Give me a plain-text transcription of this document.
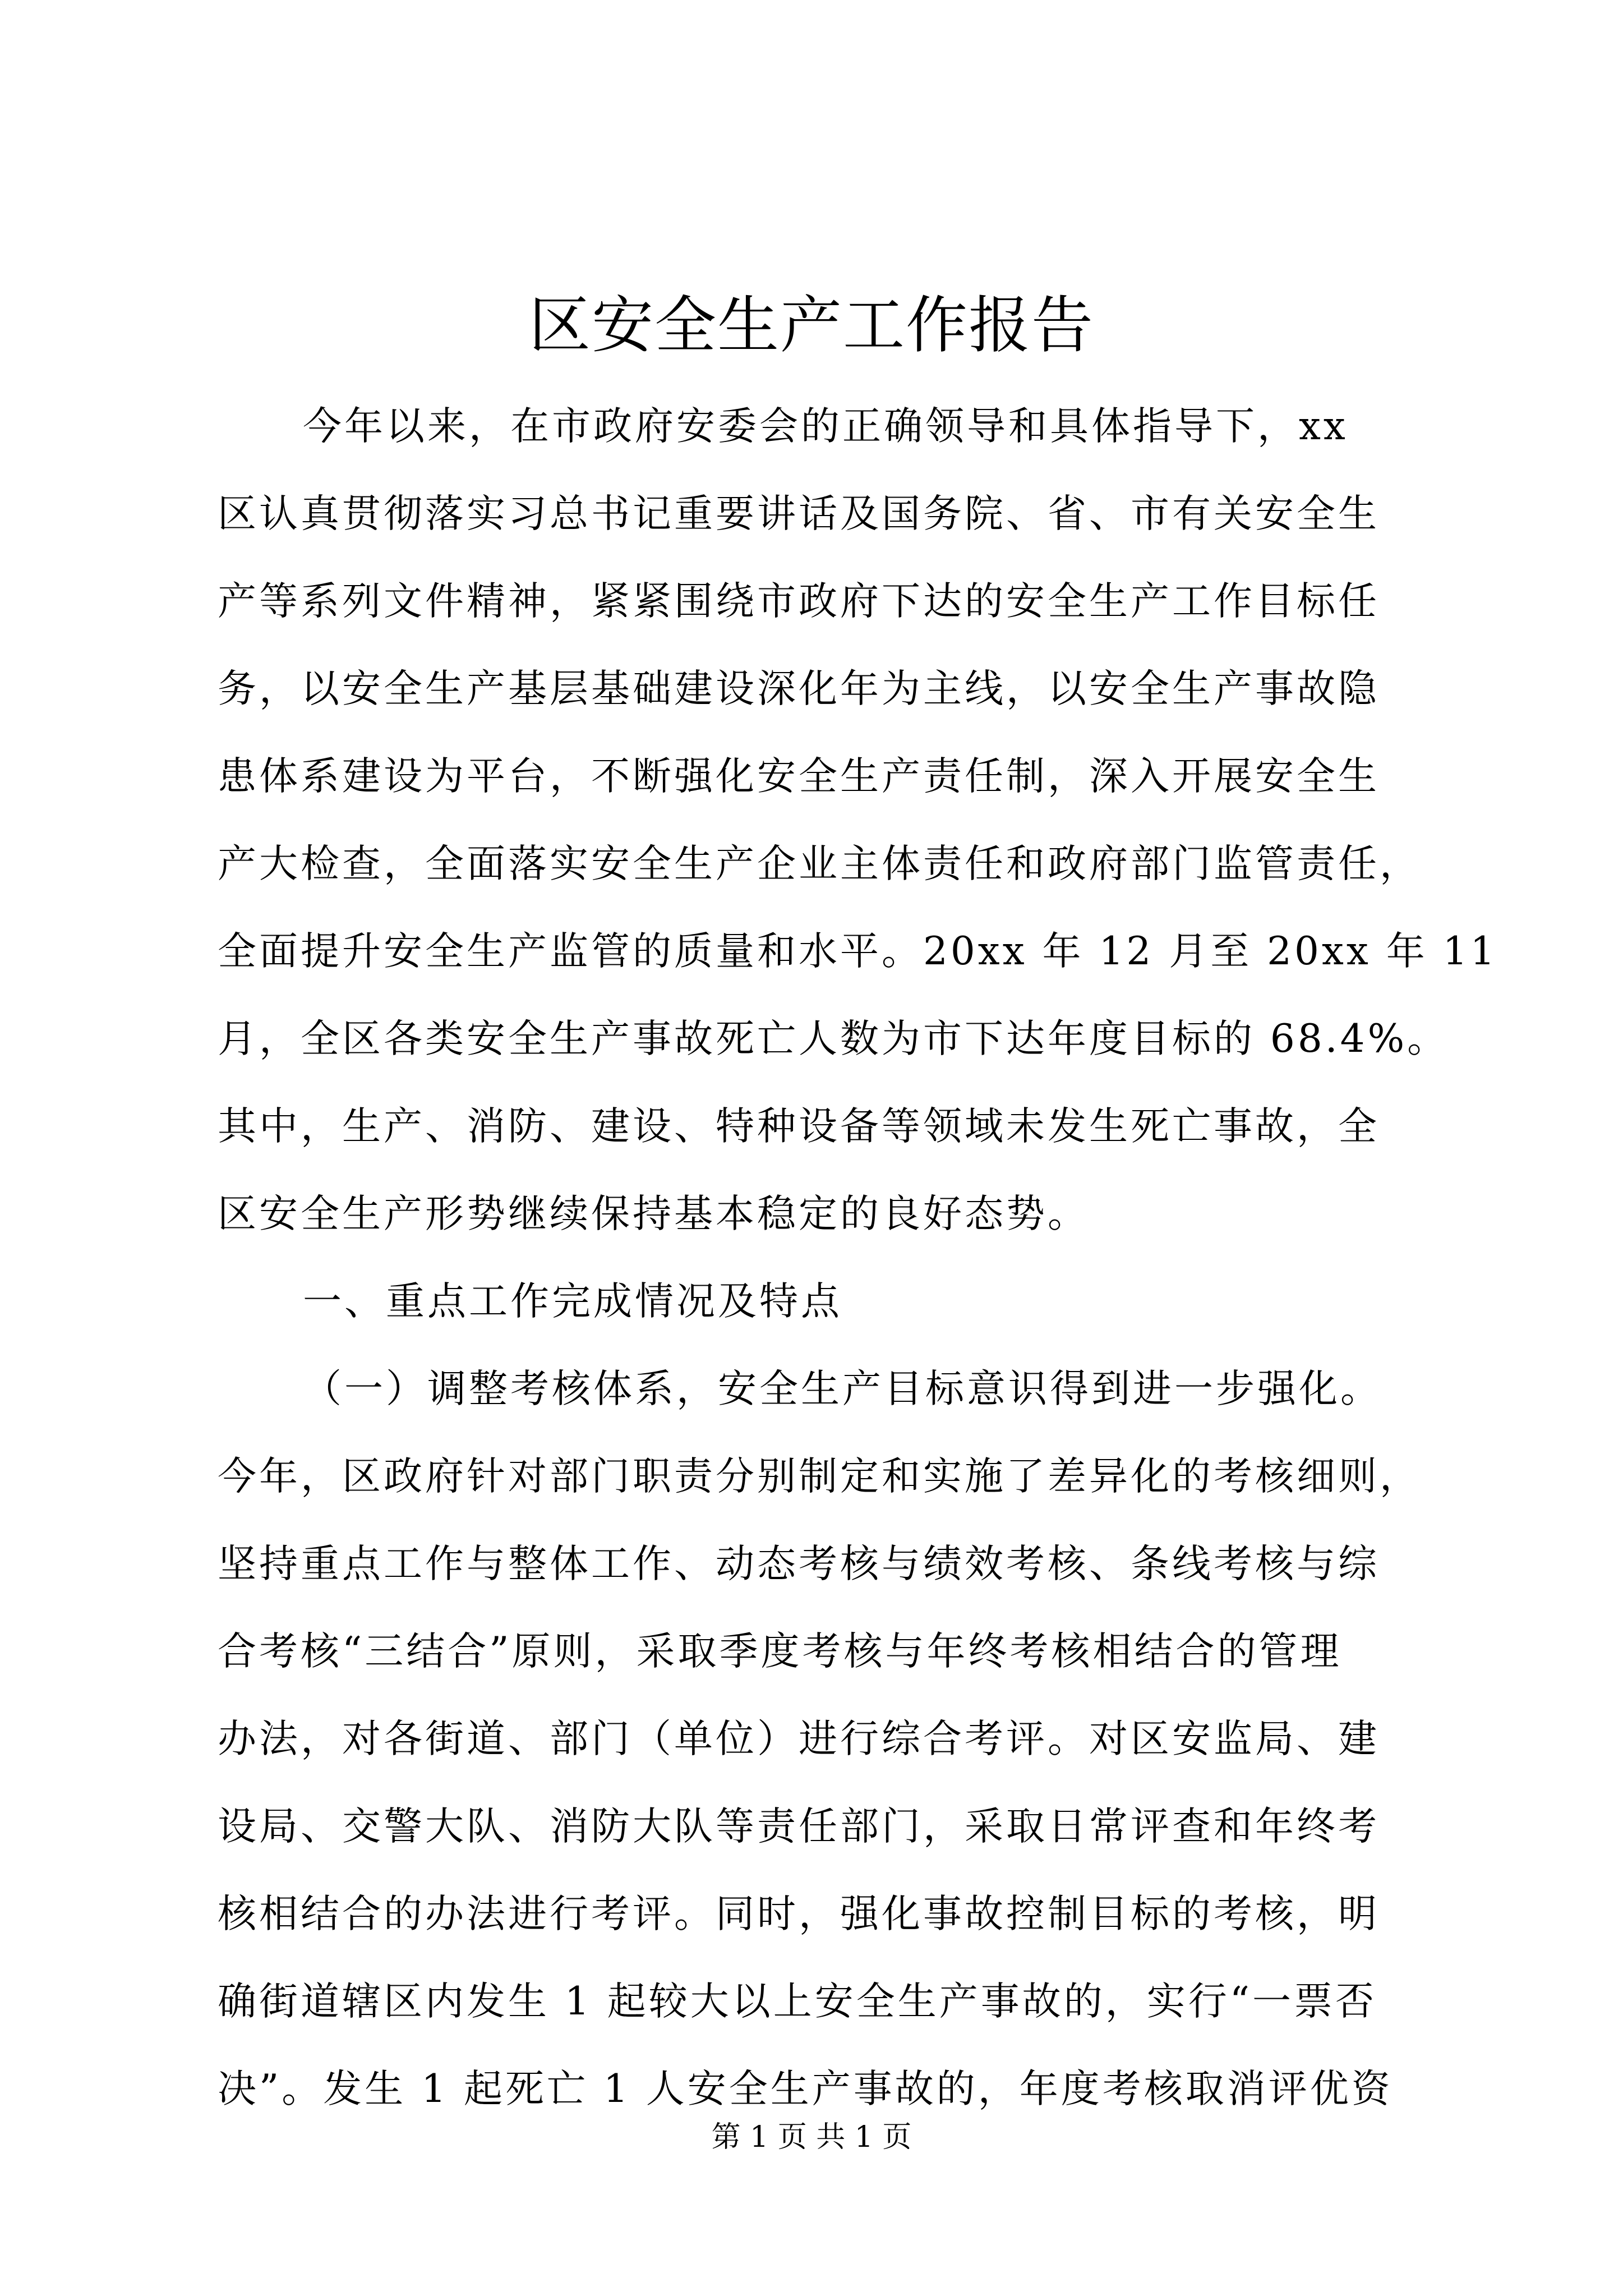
区安全生产工作报告
今年以来，在市政府安委会的正确领导和具体指导下，xx
区认真贯彻落实习总书记重要讲话及国务院、省、市有关安全生
产等系列文件精神，紧紧围绕市政府下达的安全生产工作目标任
务，以安全生产基层基础建设深化年为主线，以安全生产事故隐
患体系建设为平台，不断强化安全生产责任制，深入开展安全生
产大检查，全面落实安全生产企业主体责任和政府部门监管责任，
全面提升安全生产监管的质量和水平。20xx 年 12 月至 20xx 年 11
月，全区各类安全生产事故死亡人数为市下达年度目标的 68.4%。
其中，生产、消防、建设、特种设备等领域未发生死亡事故，全
区安全生产形势继续保持基本稳定的良好态势。
一、重点工作完成情况及特点
（一）调整考核体系，安全生产目标意识得到进一步强化。
今年，区政府针对部门职责分别制定和实施了差异化的考核细则，
坚持重点工作与整体工作、动态考核与绩效考核、条线考核与综
合考核“三结合”原则，采取季度考核与年终考核相结合的管理
办法，对各街道、部门（单位）进行综合考评。对区安监局、建
设局、交警大队、消防大队等责任部门，采取日常评查和年终考
核相结合的办法进行考评。同时，强化事故控制目标的考核，明
确街道辖区内发生 1 起较大以上安全生产事故的，实行“一票否
决”。发生 1 起死亡 1 人安全生产事故的，年度考核取消评优资
第 1 页 共 1 页
